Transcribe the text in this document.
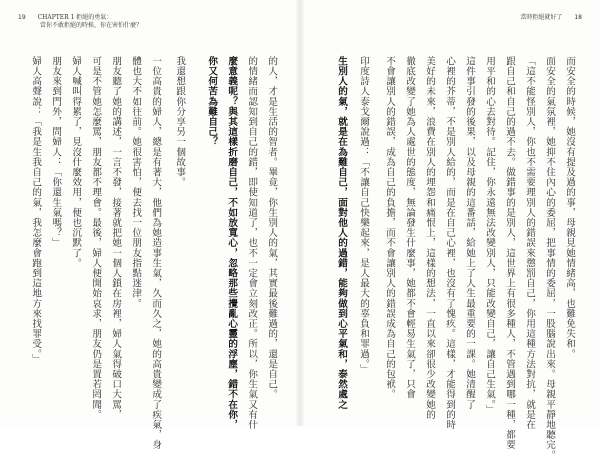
19 CHAPTER 1 拒絕的勇氣：
當你不敢拒絕的時候，你在害怕什麼？
當時拒絕就好了 18
而安全的時候，她沒有提及過的事，母親見她情緒高，也難免失和。
面安全的氣氛裡，她抑不住內心的委屈，把事情的委屈，一股腦說出來。母親平靜地聽完。
「這不能怪別人，你也不需要理別人的錯誤來懲罰自己，你用這種方法對抗，就是在
跟自己和自己的過不去。做錯事的是別人，這世界上有很多種人，不管遇到哪一種，都要
用平和的心去對待。記住，你永遠無法改變別人，只能改變自己，讓自己生氣。」
這件事引發的後果，以及母親的這番話，給她上了人生最重要的一課。她清醒了
心裡的芥蒂，不是別人給的，而是在自己心裡，也沒有了愧疚。這樣，才能得到的時
美好的未來，浪費在別人的埋怨和痛恨上，這樣的想法，一直以來卻很少改變她的
徹底改變了她為人處世的態度，無論發生什麼事，她都不會輕易生氣了，只會
不會讓別人的錯誤，成為自己的負擔，而不會讓別人的錯誤成為自己的包袱。
印度詩人泰戈爾說過：「不讓自己快樂起來，是人最大的辜負和罪過。」
生別人的氣，就是在為難自己，面對他人的過錯，能夠做到心平氣和，泰然處之
的人，才是生活的智者。畢竟，你生別人的氣，其實最後難過的，還是自己。
的情緒而認知到自己的錯，即使知道了，也不一定會立刻改正。所以，你生氣又有什
麼意義呢？與其這樣折磨自己，不如放寬心，忽略那些攪亂心靈的浮塵，錯不在你，
你又何苦為難自己？
我還想跟你分享另一個故事。
一位高貴的婦人，總是有著大，他們為她造事生氣，久而久之，她的高貴變成了疾氣，身
體也大不如往前。她很害怕，便去找一位朋友指點迷津。
朋友聽了她的講述，一言不發，接著就把她一個人鎖在房裡，婦人氣得破口大罵，
可是不管她怎麼罵，朋友都不理會。最後，婦人便開始哀求，朋友仍是置若罔聞。
婦人喊叫得累了，見沒什麼效用，便也沉默了。
朋友來到門外，問婦人：「你還生氣嗎？」
婦人高聲說：「我是生我自己的氣，我怎麼會跑到這地方來找罪受。」
